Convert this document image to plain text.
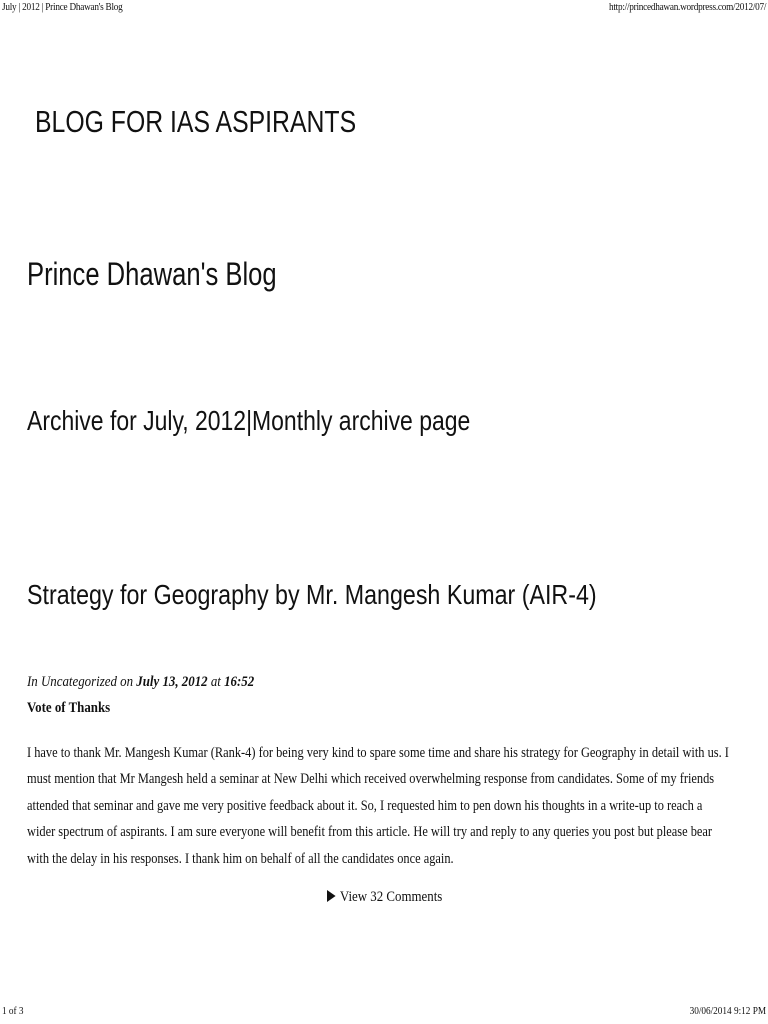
July | 2012 | Prince Dhawan's Blog	http://princedhawan.wordpress.com/2012/07/
BLOG FOR IAS ASPIRANTS
Prince Dhawan's Blog
Archive for July, 2012|Monthly archive page
Strategy for Geography by Mr. Mangesh Kumar (AIR-4)
In Uncategorized on July 13, 2012 at 16:52
Vote of Thanks
I have to thank Mr. Mangesh Kumar (Rank-4) for being very kind to spare some time and share his strategy for Geography in detail with us. I
must mention that Mr Mangesh held a seminar at New Delhi which received overwhelming response from candidates. Some of my friends
attended that seminar and gave me very positive feedback about it. So, I requested him to pen down his thoughts in a write-up to reach a
wider spectrum of aspirants. I am sure everyone will benefit from this article. He will try and reply to any queries you post but please bear
with the delay in his responses. I thank him on behalf of all the candidates once again.
View 32 Comments
1 of 3	30/06/2014 9:12 PM
